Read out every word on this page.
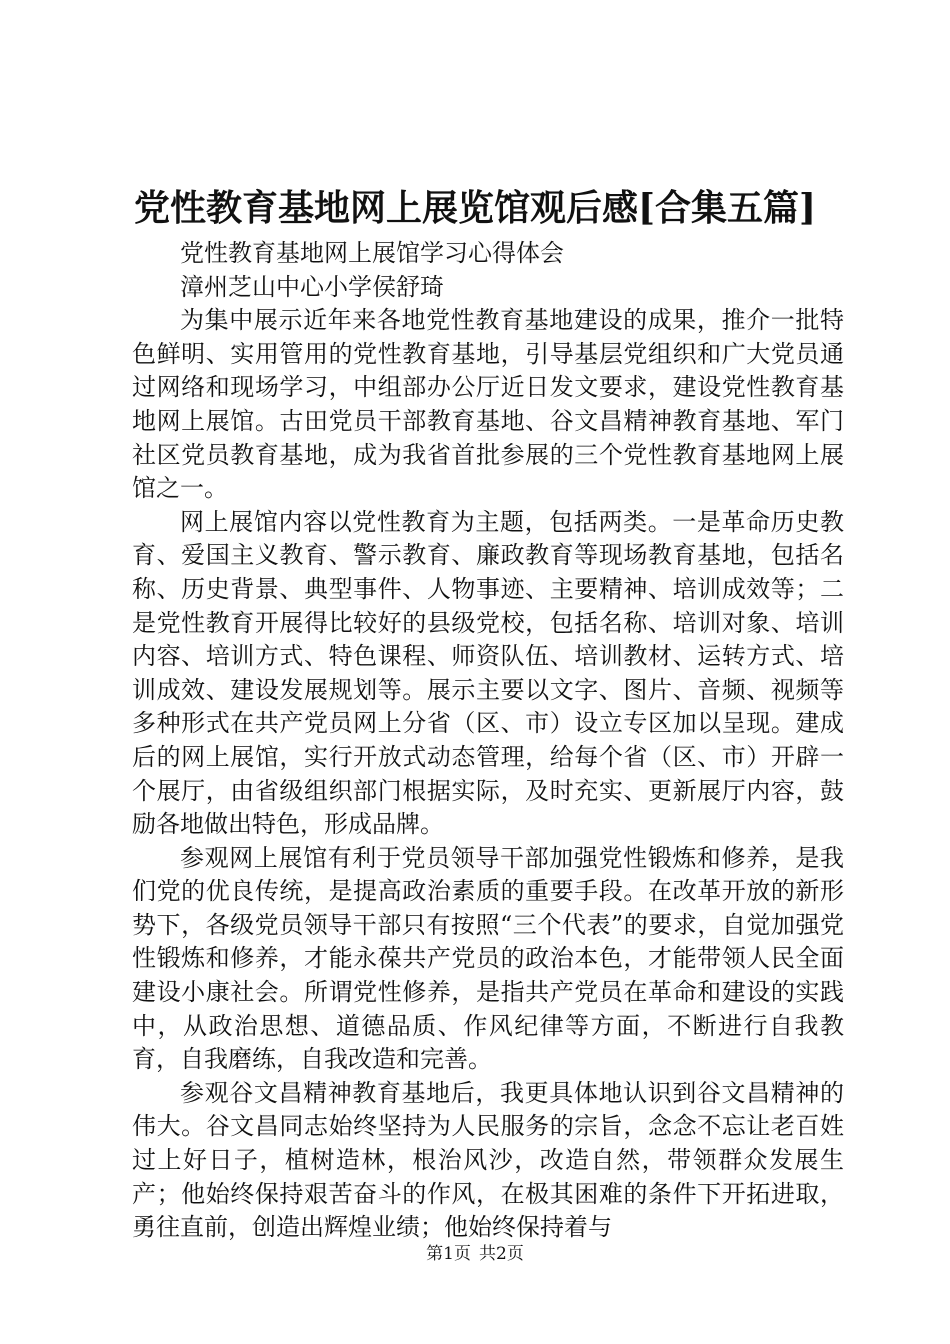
党性教育基地网上展览馆观后感[合集五篇]

党性教育基地网上展馆学习心得体会

漳州芝山中心小学侯舒琦

为集中展示近年来各地党性教育基地建设的成果，推介一批特色鲜明、实用管用的党性教育基地，引导基层党组织和广大党员通过网络和现场学习，中组部办公厅近日发文要求，建设党性教育基地网上展馆。古田党员干部教育基地、谷文昌精神教育基地、军门社区党员教育基地，成为我省首批参展的三个党性教育基地网上展馆之一。

网上展馆内容以党性教育为主题，包括两类。一是革命历史教育、爱国主义教育、警示教育、廉政教育等现场教育基地，包括名称、历史背景、典型事件、人物事迹、主要精神、培训成效等；二是党性教育开展得比较好的县级党校，包括名称、培训对象、培训内容、培训方式、特色课程、师资队伍、培训教材、运转方式、培训成效、建设发展规划等。展示主要以文字、图片、音频、视频等多种形式在共产党员网上分省（区、市）设立专区加以呈现。建成后的网上展馆，实行开放式动态管理，给每个省（区、市）开辟一个展厅，由省级组织部门根据实际，及时充实、更新展厅内容，鼓励各地做出特色，形成品牌。

参观网上展馆有利于党员领导干部加强党性锻炼和修养，是我们党的优良传统，是提高政治素质的重要手段。在改革开放的新形势下，各级党员领导干部只有按照“三个代表”的要求，自觉加强党性锻炼和修养，才能永葆共产党员的政治本色，才能带领人民全面建设小康社会。所谓党性修养，是指共产党员在革命和建设的实践中，从政治思想、道德品质、作风纪律等方面，不断进行自我教育，自我磨练，自我改造和完善。

参观谷文昌精神教育基地后，我更具体地认识到谷文昌精神的伟大。谷文昌同志始终坚持为人民服务的宗旨，念念不忘让老百姓过上好日子，植树造林，根治风沙，改造自然，带领群众发展生产；他始终保持艰苦奋斗的作风，在极其困难的条件下开拓进取，勇往直前，创造出辉煌业绩；他始终保持着与

第1页 共2页
